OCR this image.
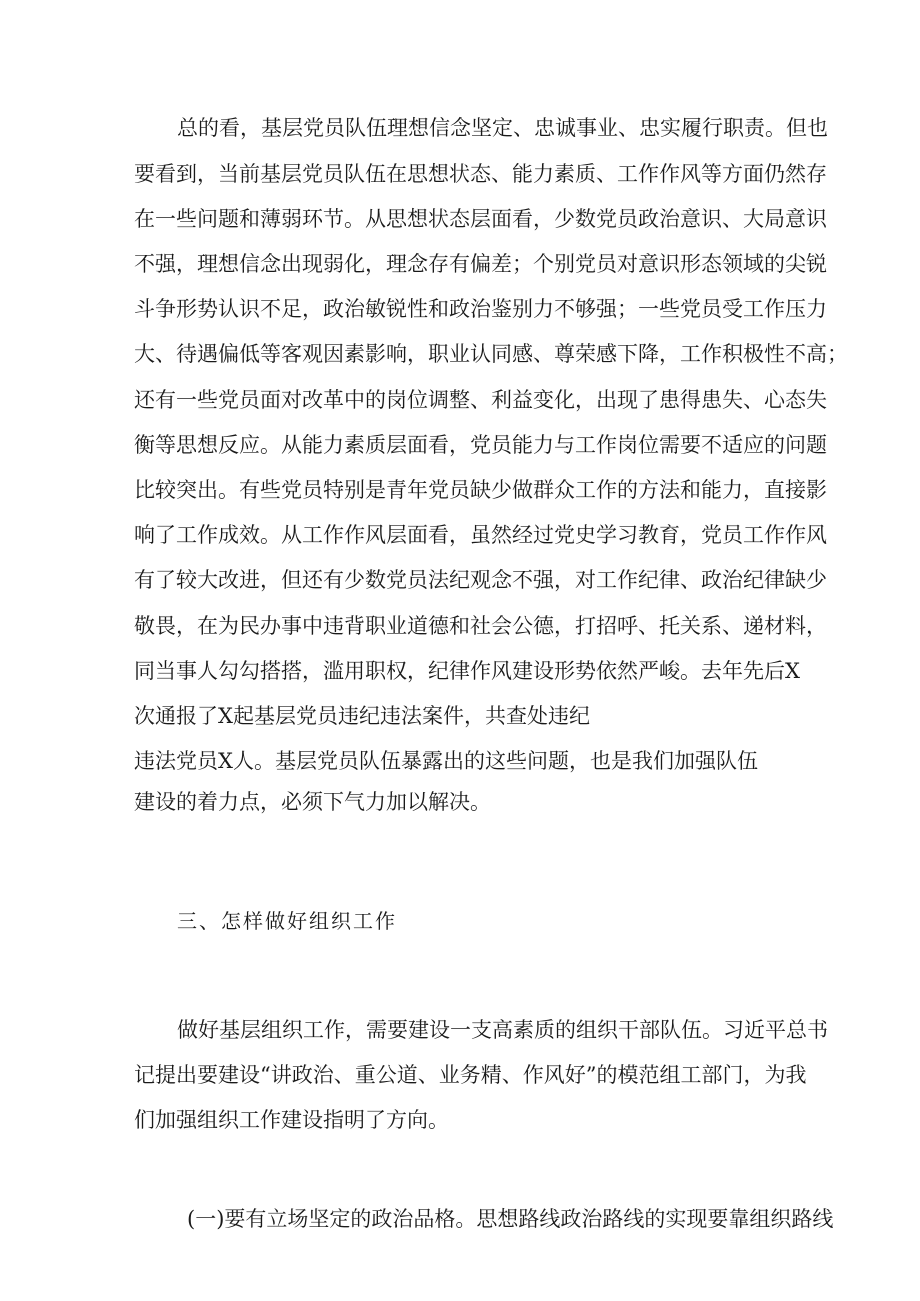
总 的 看 ， 基 层 党 员 队 伍 理 想 信 念 坚 定 、 忠 诚 事 业 、 忠 实 履 行 职 责 。 但 也
要 看 到 ， 当 前 基 层 党 员 队 伍 在 思 想 状 态 、 能 力 素 质 、 工 作 作 风 等 方 面 仍 然 存
在 一 些 问 题 和 薄 弱 环 节 。 从 思 想 状 态 层 面 看 ， 少 数 党 员 政 治 意 识 、 大 局 意 识
不 强 ， 理 想 信 念 出 现 弱 化 ， 理 念 存 有 偏 差 ； 个 别 党 员 对 意 识 形 态 领 域 的 尖 锐
斗 争 形 势 认 识 不 足 ， 政 治 敏 锐 性 和 政 治 鉴 别 力 不 够 强 ； 一 些 党 员 受 工 作 压 力
大 、 待 遇 偏 低 等 客 观 因 素 影 响 ， 职 业 认 同 感 、 尊 荣 感 下 降 ， 工 作 积 极 性 不 高 ；
还 有 一 些 党 员 面 对 改 革 中 的 岗 位 调 整 、 利 益 变 化 ， 出 现 了 患 得 患 失 、 心 态 失
衡 等 思 想 反 应 。 从 能 力 素 质 层 面 看 ， 党 员 能 力 与 工 作 岗 位 需 要 不 适 应 的 问 题
比 较 突 出 。 有 些 党 员 特 别 是 青 年 党 员 缺 少 做 群 众 工 作 的 方 法 和 能 力 ， 直 接 影
响 了 工 作 成 效 。 从 工 作 作 风 层 面 看 ， 虽 然 经 过 党 史 学 习 教 育 ， 党 员 工 作 作 风
有 了 较 大 改 进 ， 但 还 有 少 数 党 员 法 纪 观 念 不 强 ， 对 工 作 纪 律 、 政 治 纪 律 缺 少
敬 畏 ， 在 为 民 办 事 中 违 背 职 业 道 德 和 社 会 公 德 ， 打 招 呼 、 托 关 系 、 递 材 料 ，
同 当 事 人 勾 勾 搭 搭 ， 滥 用 职 权 ， 纪 律 作 风 建 设 形 势 依 然 严 峻 。 去 年 先 后 X
次通报了X起基层党员违纪违法案件，共查处违纪
违法党员X人。基层党员队伍暴露出的这些问题，也是我们加强队伍
建设的着力点，必须下气力加以解决。
三、怎样做好组织工作
做 好 基 层 组 织 工 作 ， 需 要 建 设 一 支 高 素 质 的 组 织 干 部 队 伍 。 习 近 平 总 书
记 提 出 要 建 设 “ 讲 政 治 、 重 公 道 、 业 务 精 、 作 风 好 ” 的 模 范 组 工 部 门 ， 为 我
们加强组织工作建设指明了方向。
( 一 ) 要 有 立 场 坚 定 的 政 治 品 格 。 思 想 路 线 政 治 路 线 的 实 现 要 靠 组 织 路 线
